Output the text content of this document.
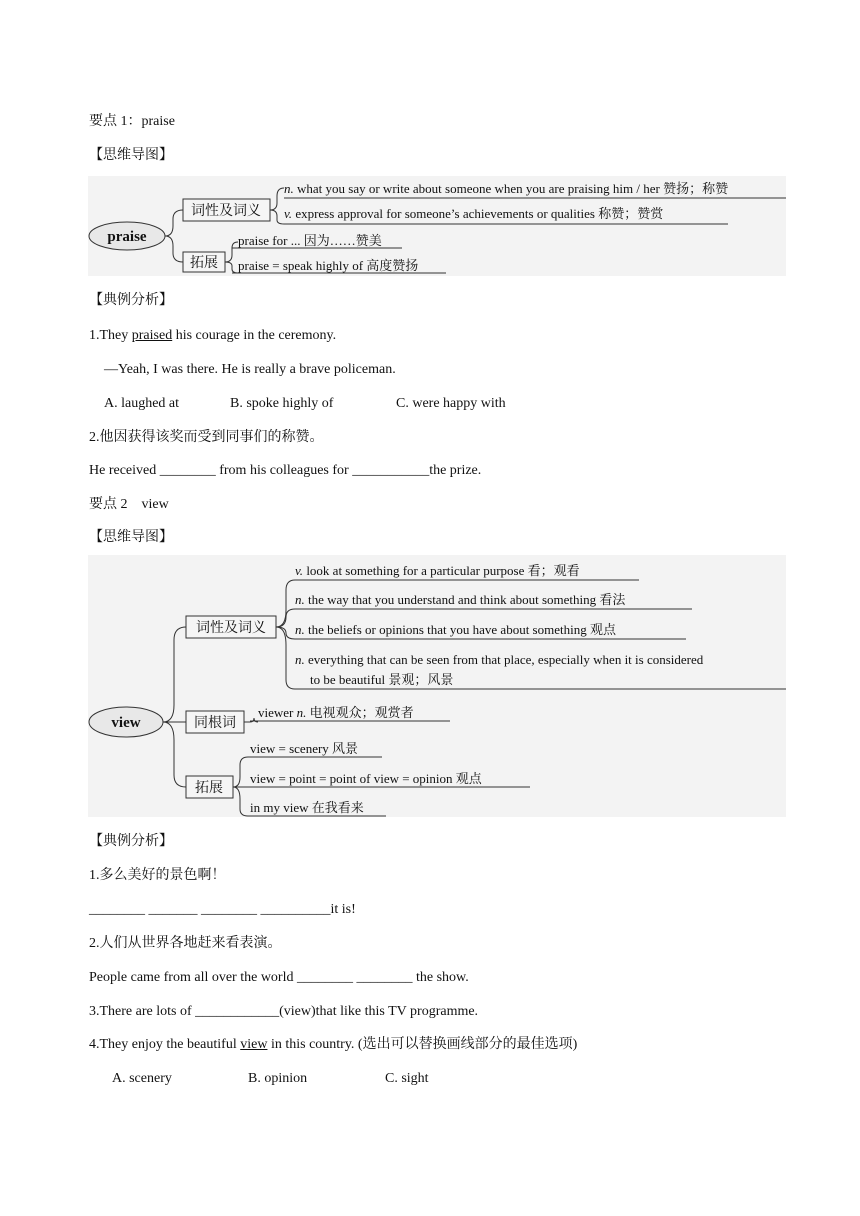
要点 1：praise
【思维导图】
praise
词性及词义
n. what you say or write about someone when you are praising him / her 赞扬；称赞
v. express approval for someone’s achievements or qualities 称赞；赞赏
拓展
praise for ... 因为……赞美
praise = speak highly of 高度赞扬
【典例分析】
1.They praised his courage in the ceremony.
—Yeah, I was there. He is really a brave policeman.
A. laughed at	B. spoke highly of	C. were happy with
2.他因获得该奖而受到同事们的称赞。
He received ________ from his colleagues for ___________the prize.
要点 2　view
【思维导图】
view
词性及词义
v. look at something for a particular purpose 看；观看
n. the way that you understand and think about something 看法
n. the beliefs or opinions that you have about something 观点
n. everything that can be seen from that place, especially when it is considered
to be beautiful 景观；风景
同根词
viewer n. 电视观众；观赏者
拓展
view = scenery 风景
view = point = point of view = opinion 观点
in my view 在我看来
【典例分析】
1.多么美好的景色啊！
________ _______ ________ __________it is!
2.人们从世界各地赶来看表演。
People came from all over the world ________ ________ the show.
3.There are lots of ____________(view)that like this TV programme.
4.They enjoy the beautiful view in this country. (选出可以替换画线部分的最佳选项)
A. scenery	B. opinion	C. sight
